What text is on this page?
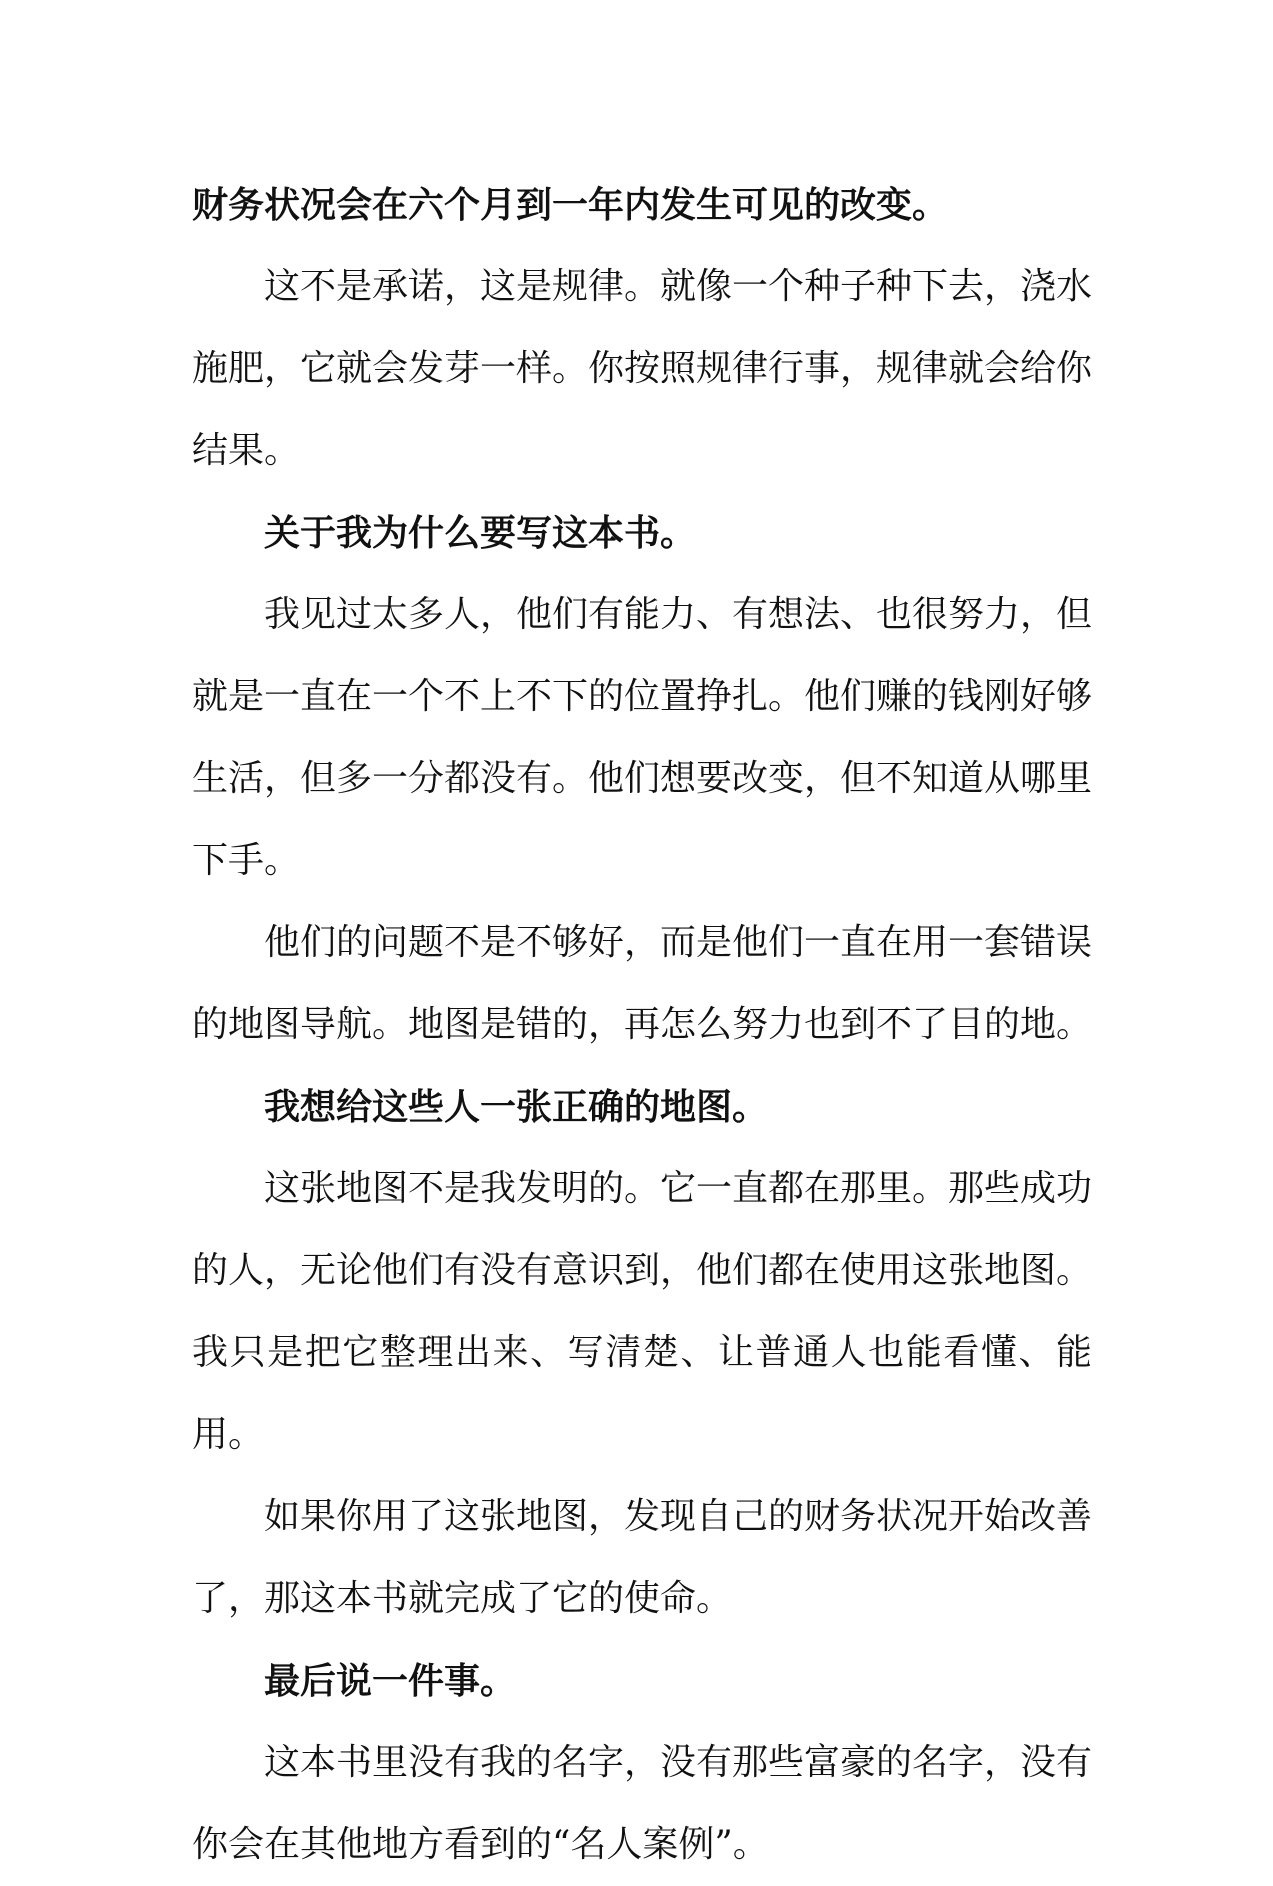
财务状况会在六个月到一年内发生可见的改变。

这不是承诺，这是规律。就像一个种子种下去，浇水施肥，它就会发芽一样。你按照规律行事，规律就会给你结果。

关于我为什么要写这本书。

我见过太多人，他们有能力、有想法、也很努力，但就是一直在一个不上不下的位置挣扎。他们赚的钱刚好够生活，但多一分都没有。他们想要改变，但不知道从哪里下手。

他们的问题不是不够好，而是他们一直在用一套错误的地图导航。地图是错的，再怎么努力也到不了目的地。

我想给这些人一张正确的地图。

这张地图不是我发明的。它一直都在那里。那些成功的人，无论他们有没有意识到，他们都在使用这张地图。我只是把它整理出来、写清楚、让普通人也能看懂、能用。

如果你用了这张地图，发现自己的财务状况开始改善了，那这本书就完成了它的使命。

最后说一件事。

这本书里没有我的名字，没有那些富豪的名字，没有你会在其他地方看到的“名人案例”。
